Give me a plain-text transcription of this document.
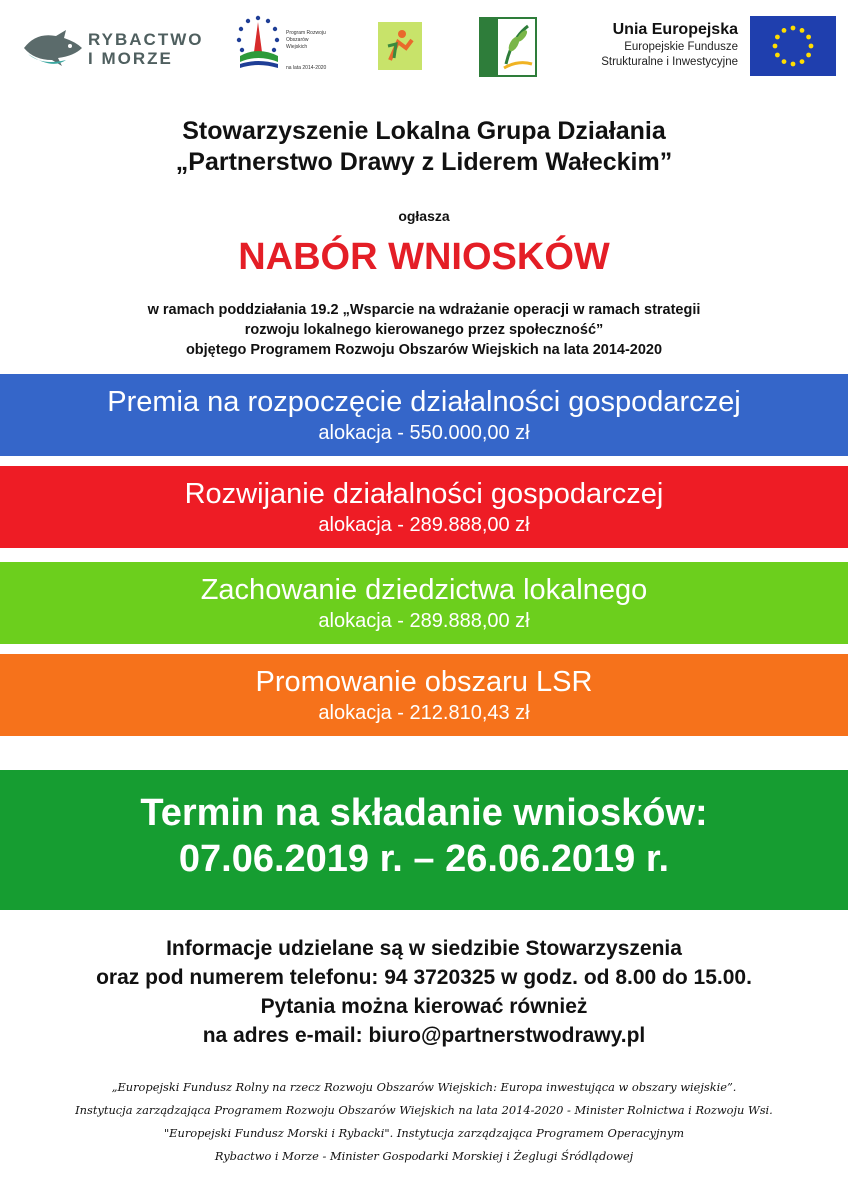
RYBACTWO
I MORZE
Program Rozwoju Obszarów Wiejskich
na lata 2014-2020
Unia Europejska
Europejskie Fundusze
Strukturalne i Inwestycyjne
Stowarzyszenie Lokalna Grupa Działania
„Partnerstwo Drawy z Liderem Wałeckim”
ogłasza
NABÓR WNIOSKÓW
w ramach poddziałania 19.2 „Wsparcie na wdrażanie operacji w ramach strategii
rozwoju lokalnego kierowanego przez społeczność”
objętego Programem Rozwoju Obszarów Wiejskich na lata 2014-2020
Premia na rozpoczęcie działalności gospodarczej
alokacja - 550.000,00 zł
Rozwijanie działalności gospodarczej
alokacja - 289.888,00 zł
Zachowanie dziedzictwa lokalnego
alokacja - 289.888,00 zł
Promowanie obszaru LSR
alokacja - 212.810,43 zł
Termin na składanie wniosków:
07.06.2019 r. – 26.06.2019 r.
Informacje udzielane są w siedzibie Stowarzyszenia
oraz pod numerem telefonu: 94 3720325 w godz. od 8.00 do 15.00.
Pytania można kierować również
na adres e-mail: biuro@partnerstwodrawy.pl
„Europejski Fundusz Rolny na rzecz Rozwoju Obszarów Wiejskich: Europa inwestująca w obszary wiejskie”.
Instytucja zarządzająca Programem Rozwoju Obszarów Wiejskich na lata 2014-2020 - Minister Rolnictwa i Rozwoju Wsi.
"Europejski Fundusz Morski i Rybacki". Instytucja zarządzająca Programem Operacyjnym
Rybactwo i Morze - Minister Gospodarki Morskiej i Żeglugi Śródlądowej
